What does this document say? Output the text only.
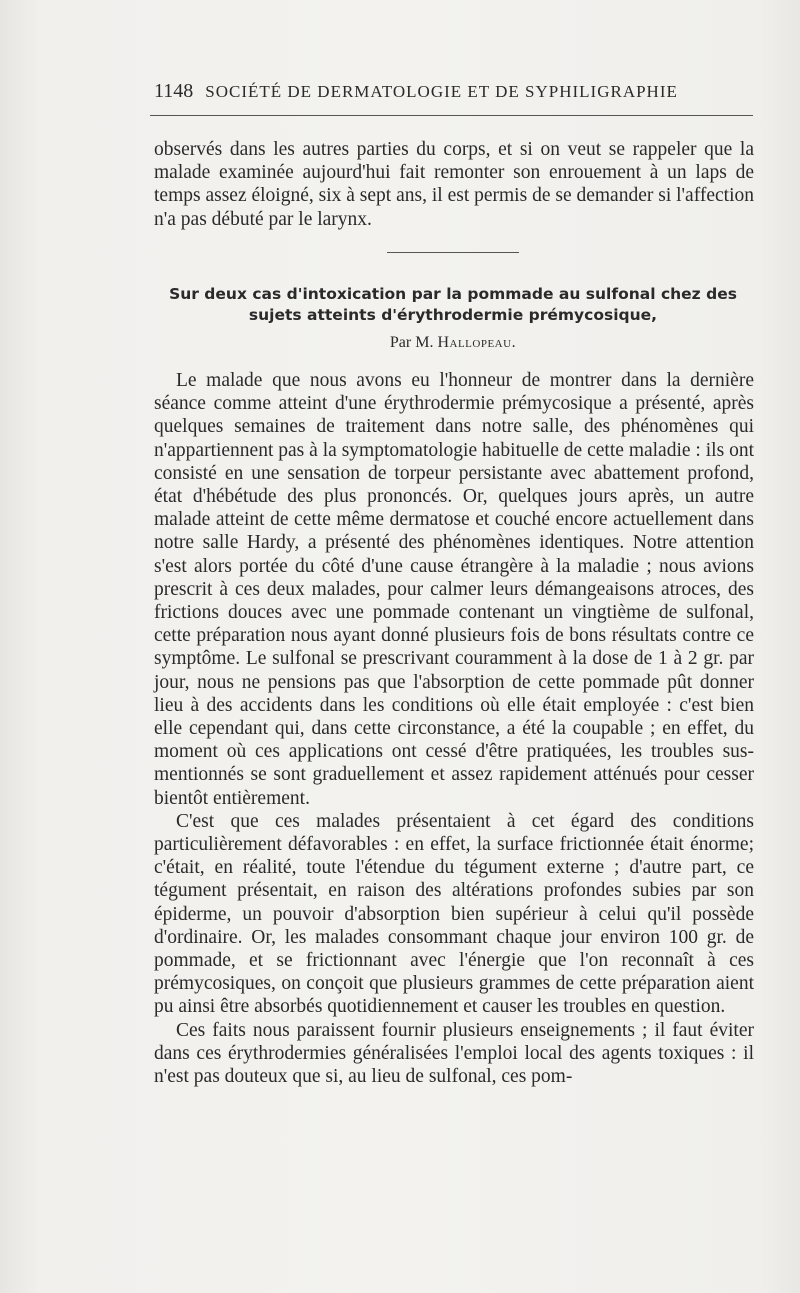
1148 SOCIÉTÉ DE DERMATOLOGIE ET DE SYPHILIGRAPHIE

observés dans les autres parties du corps, et si on veut se rappeler que la malade examinée aujourd'hui fait remonter son enrouement à un laps de temps assez éloigné, six à sept ans, il est permis de se demander si l'affection n'a pas débuté par le larynx.

Sur deux cas d'intoxication par la pommade au sulfonal chez des sujets atteints d'érythrodermie prémycosique,
Par M. Hallopeau.

Le malade que nous avons eu l'honneur de montrer dans la dernière séance comme atteint d'une érythrodermie prémycosique a présenté, après quelques semaines de traitement dans notre salle, des phénomènes qui n'appartiennent pas à la symptomatologie habituelle de cette maladie : ils ont consisté en une sensation de torpeur persistante avec abattement profond, état d'hébétude des plus prononcés. Or, quelques jours après, un autre malade atteint de cette même dermatose et couché encore actuellement dans notre salle Hardy, a présenté des phénomènes identiques. Notre attention s'est alors portée du côté d'une cause étrangère à la maladie ; nous avions prescrit à ces deux malades, pour calmer leurs démangeaisons atroces, des frictions douces avec une pommade contenant un vingtième de sulfonal, cette préparation nous ayant donné plusieurs fois de bons résultats contre ce symptôme. Le sulfonal se prescrivant couramment à la dose de 1 à 2 gr. par jour, nous ne pensions pas que l'absorption de cette pommade pût donner lieu à des accidents dans les conditions où elle était employée : c'est bien elle cependant qui, dans cette circonstance, a été la coupable ; en effet, du moment où ces applications ont cessé d'être pratiquées, les troubles sus-mentionnés se sont graduellement et assez rapidement atténués pour cesser bientôt entièrement.

C'est que ces malades présentaient à cet égard des conditions particulièrement défavorables : en effet, la surface frictionnée était énorme; c'était, en réalité, toute l'étendue du tégument externe ; d'autre part, ce tégument présentait, en raison des altérations profondes subies par son épiderme, un pouvoir d'absorption bien supérieur à celui qu'il possède d'ordinaire. Or, les malades consommant chaque jour environ 100 gr. de pommade, et se frictionnant avec l'énergie que l'on reconnaît à ces prémycosiques, on conçoit que plusieurs grammes de cette préparation aient pu ainsi être absorbés quotidiennement et causer les troubles en question.

Ces faits nous paraissent fournir plusieurs enseignements ; il faut éviter dans ces érythrodermies généralisées l'emploi local des agents toxiques : il n'est pas douteux que si, au lieu de sulfonal, ces pom-
